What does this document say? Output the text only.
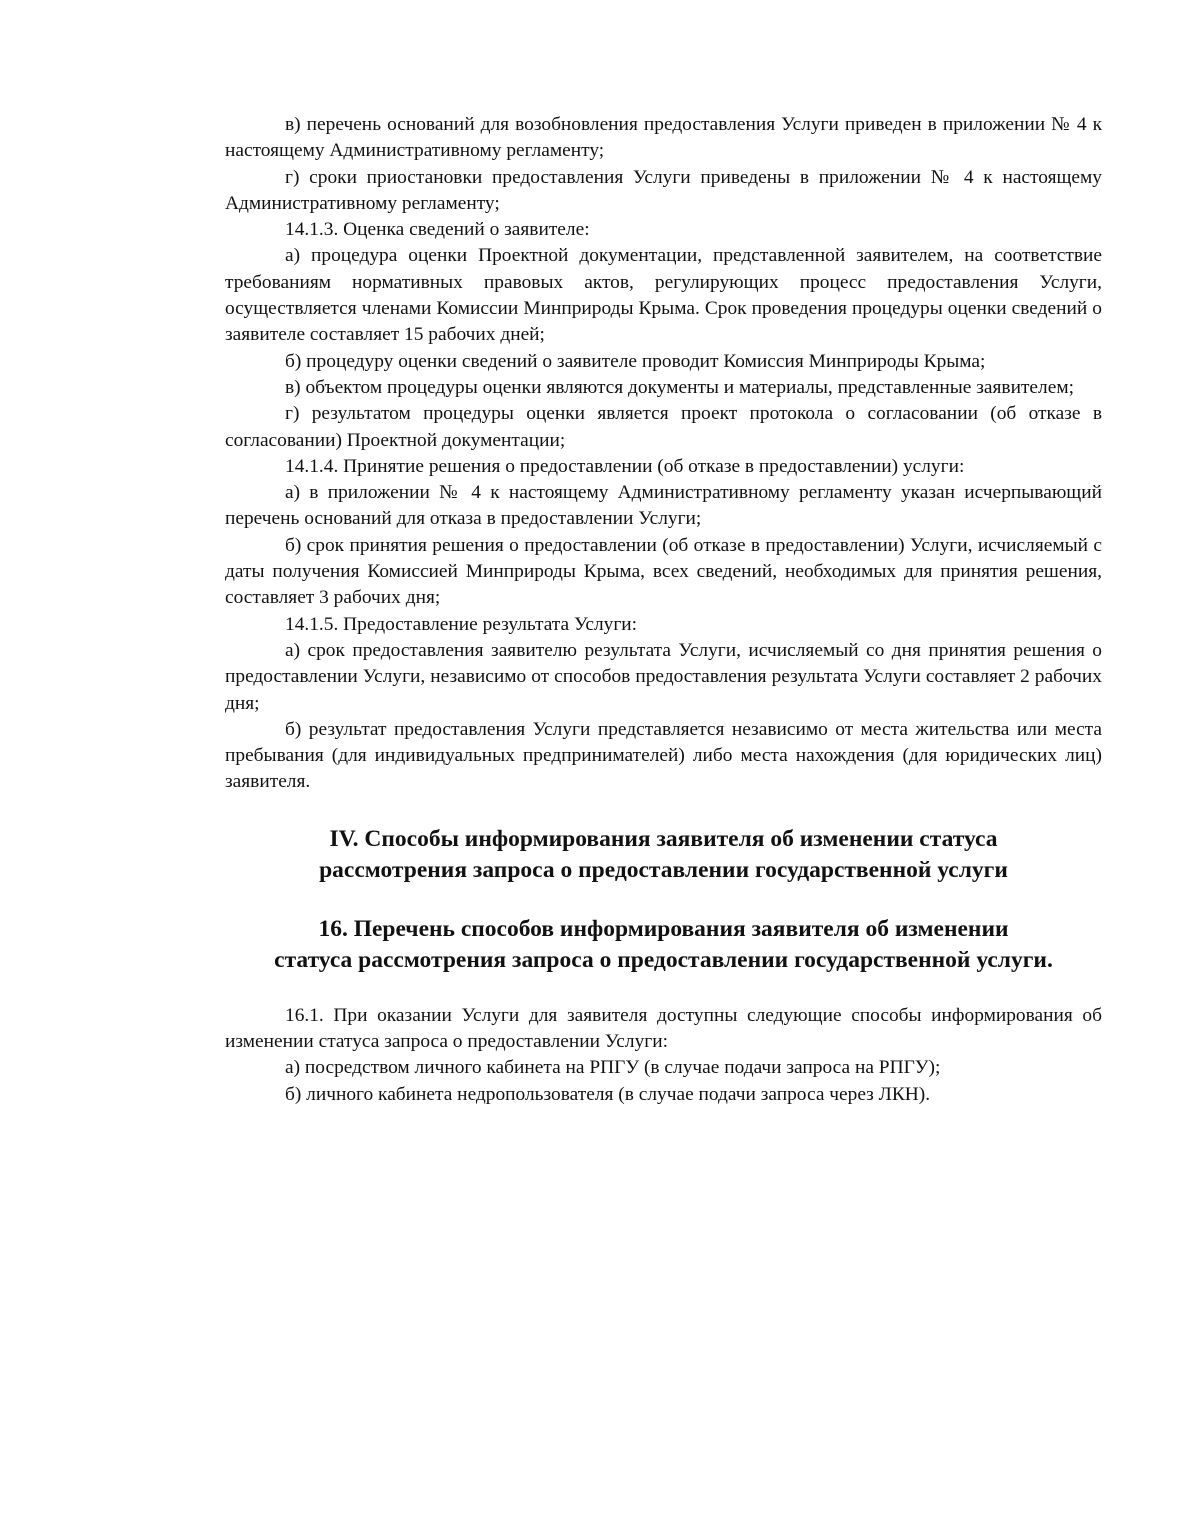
в) перечень оснований для возобновления предоставления Услуги приведен в приложении № 4 к настоящему Административному регламенту;

г) сроки приостановки предоставления Услуги приведены в приложении № 4 к настоящему Административному регламенту;

14.1.3. Оценка сведений о заявителе:

а) процедура оценки Проектной документации, представленной заявителем, на соответствие требованиям нормативных правовых актов, регулирующих процесс предоставления Услуги, осуществляется членами Комиссии Минприроды Крыма. Срок проведения процедуры оценки сведений о заявителе составляет 15 рабочих дней;

б) процедуру оценки сведений о заявителе проводит Комиссия Минприроды Крыма;

в) объектом процедуры оценки являются документы и материалы, представленные заявителем;

г) результатом процедуры оценки является проект протокола о согласовании (об отказе в согласовании) Проектной документации;

14.1.4. Принятие решения о предоставлении (об отказе в предоставлении) услуги:

а) в приложении № 4 к настоящему Административному регламенту указан исчерпывающий перечень оснований для отказа в предоставлении Услуги;

б) срок принятия решения о предоставлении (об отказе в предоставлении) Услуги, исчисляемый с даты получения Комиссией Минприроды Крыма, всех сведений, необходимых для принятия решения, составляет 3 рабочих дня;

14.1.5. Предоставление результата Услуги:

а) срок предоставления заявителю результата Услуги, исчисляемый со дня принятия решения о предоставлении Услуги, независимо от способов предоставления результата Услуги составляет 2 рабочих дня;

б) результат предоставления Услуги представляется независимо от места жительства или места пребывания (для индивидуальных предпринимателей) либо места нахождения (для юридических лиц) заявителя.

IV. Способы информирования заявителя об изменении статуса
рассмотрения запроса о предоставлении государственной услуги
16. Перечень способов информирования заявителя об изменении
статуса рассмотрения запроса о предоставлении государственной услуги.

16.1. При оказании Услуги для заявителя доступны следующие способы информирования об изменении статуса запроса о предоставлении Услуги:

а) посредством личного кабинета на РПГУ (в случае подачи запроса на РПГУ);

б) личного кабинета недропользователя (в случае подачи запроса через ЛКН).
